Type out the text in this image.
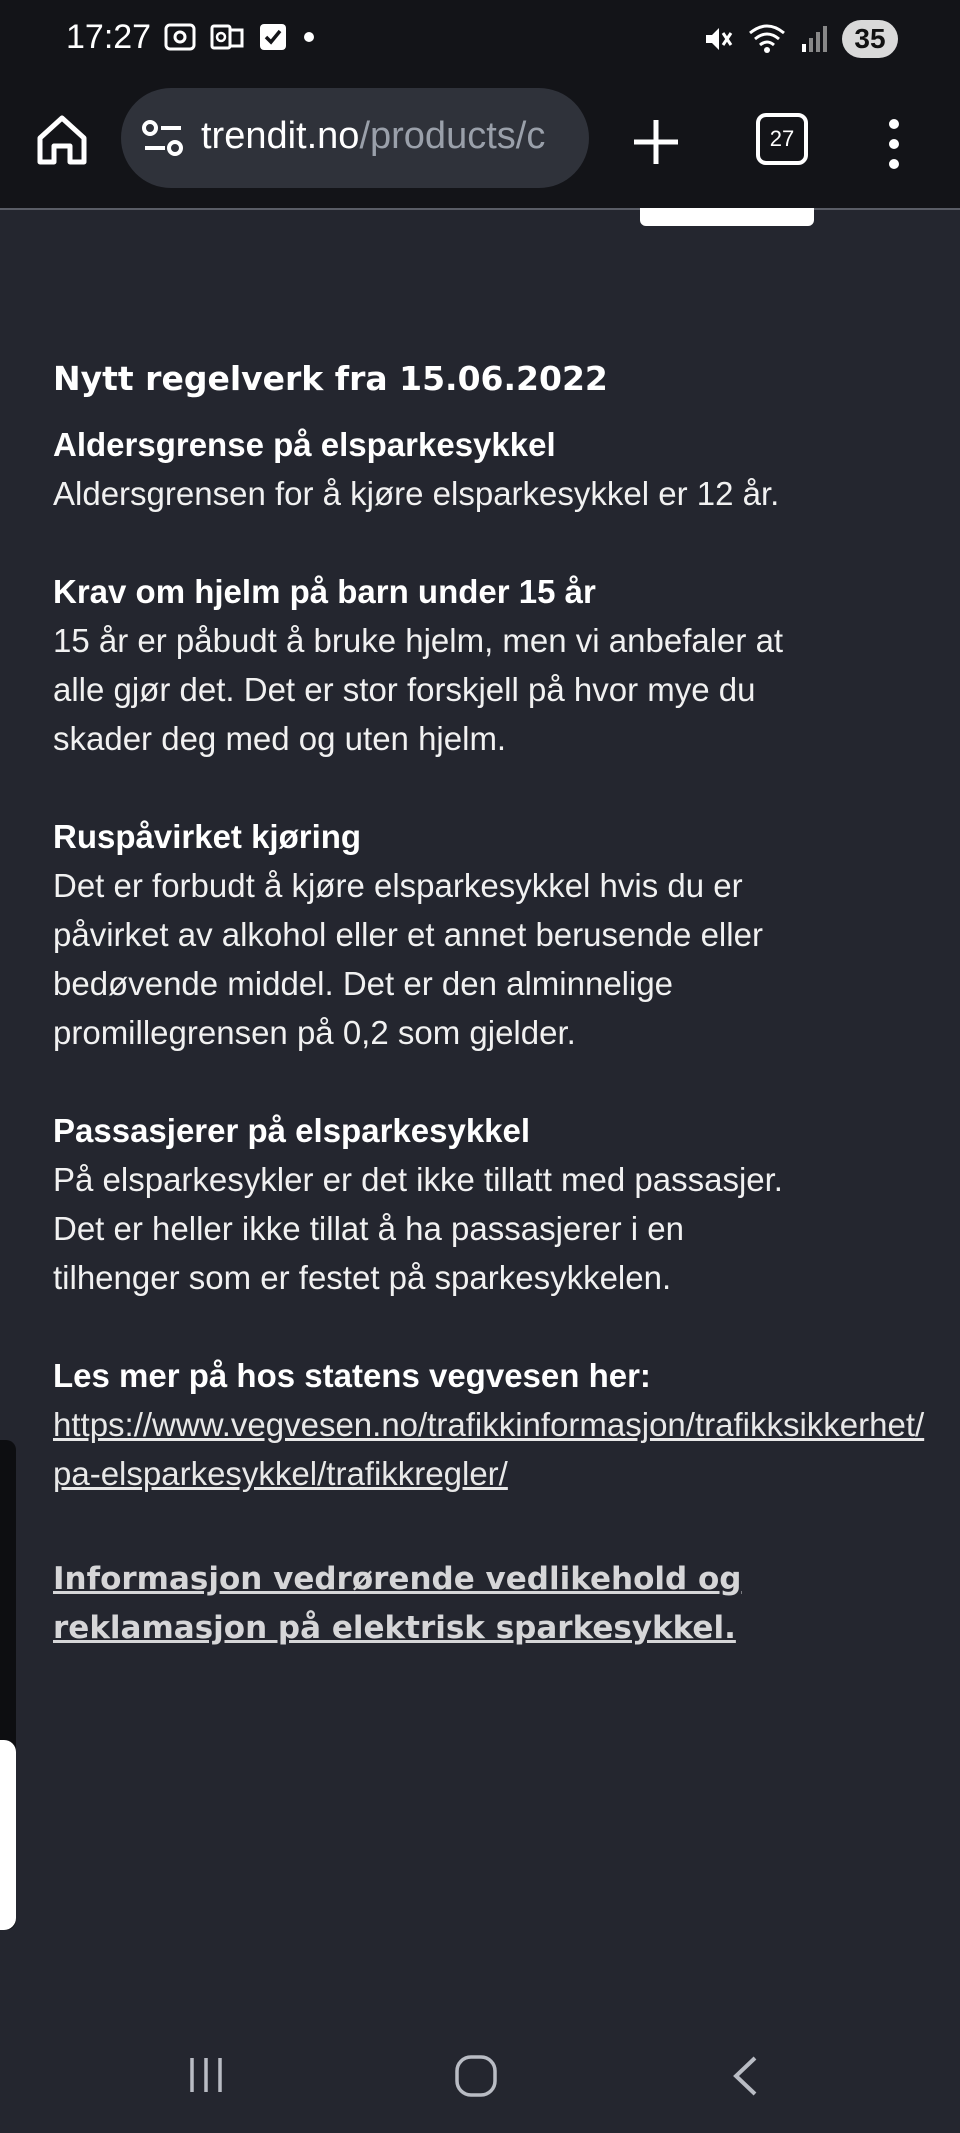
17:27	35
trendit.no/products/c	27
Nytt regelverk fra 15.06.2022

Aldersgrense på elsparkesykkel

Aldersgrensen for å kjøre elsparkesykkel er 12 år.

Krav om hjelm på barn under 15 år

15 år er påbudt å bruke hjelm, men vi anbefaler at

alle gjør det. Det er stor forskjell på hvor mye du

skader deg med og uten hjelm.

Ruspåvirket kjøring

Det er forbudt å kjøre elsparkesykkel hvis du er

påvirket av alkohol eller et annet berusende eller

bedøvende middel. Det er den alminnelige

promillegrensen på 0,2 som gjelder.

Passasjerer på elsparkesykkel

På elsparkesykler er det ikke tillatt med passasjer.

Det er heller ikke tillat å ha passasjerer i en

tilhenger som er festet på sparkesykkelen.

Les mer på hos statens vegvesen her:

https://www.vegvesen.no/trafikkinformasjon/trafikksikkerhet/
pa-elsparkesykkel/trafikkregler/
Informasjon vedrørende vedlikehold og
reklamasjon på elektrisk sparkesykkel.
